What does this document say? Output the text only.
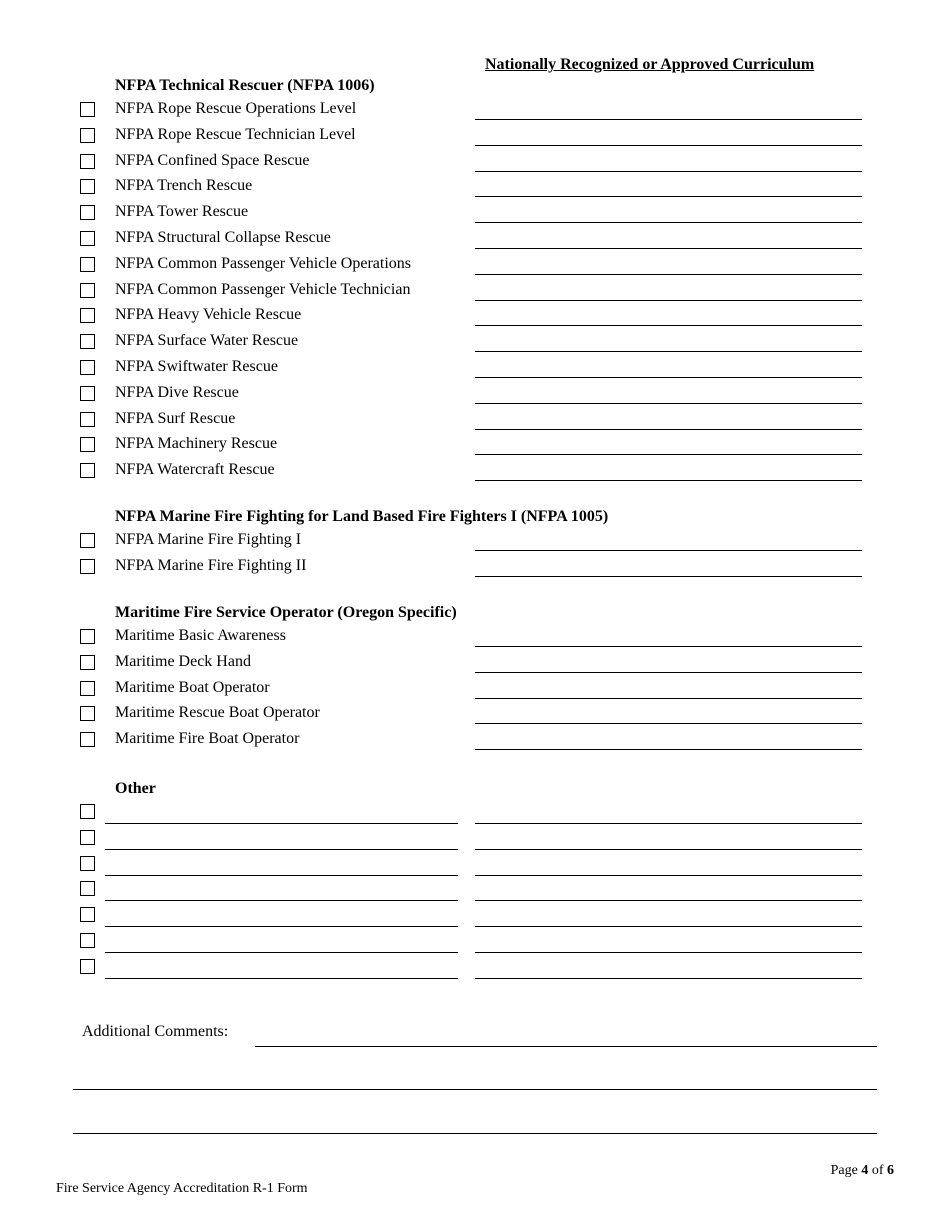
Nationally Recognized or Approved Curriculum
NFPA Technical Rescuer (NFPA 1006)
NFPA Rope Rescue Operations Level
NFPA Rope Rescue Technician Level
NFPA Confined Space Rescue
NFPA Trench Rescue
NFPA Tower Rescue
NFPA Structural Collapse Rescue
NFPA Common Passenger Vehicle Operations
NFPA Common Passenger Vehicle Technician
NFPA Heavy Vehicle Rescue
NFPA Surface Water Rescue
NFPA Swiftwater Rescue
NFPA Dive Rescue
NFPA Surf Rescue
NFPA Machinery Rescue
NFPA Watercraft Rescue
NFPA Marine Fire Fighting for Land Based Fire Fighters I (NFPA 1005)
NFPA Marine Fire Fighting I
NFPA Marine Fire Fighting II
Maritime Fire Service Operator (Oregon Specific)
Maritime Basic Awareness
Maritime Deck Hand
Maritime Boat Operator
Maritime Rescue Boat Operator
Maritime Fire Boat Operator
Other
Additional Comments:
Page 4 of 6
Fire Service Agency Accreditation R-1 Form
